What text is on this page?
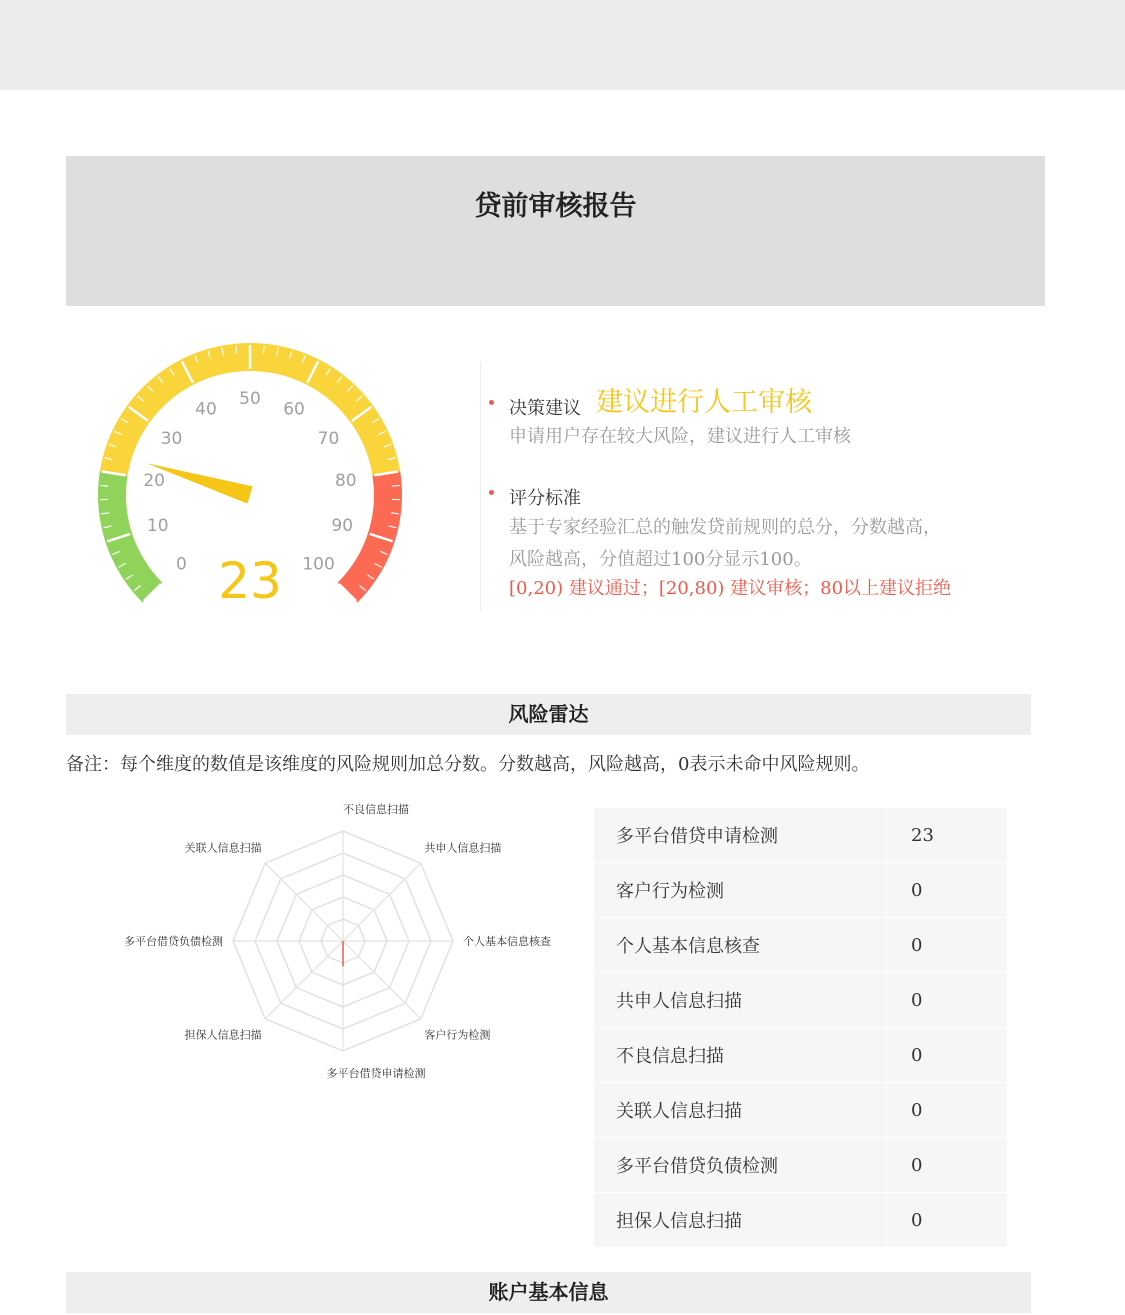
贷前审核报告
0
10
20
30
40
50
60
70
80
90
100
23
决策建议 建议进行人工审核
申请用户存在较大风险，建议进行人工审核
评分标准
基于专家经验汇总的触发贷前规则的总分，分数越高，
风险越高，分值超过100分显示100。
[0,20) 建议通过；[20,80) 建议审核；80以上建议拒绝
风险雷达
备注：每个维度的数值是该维度的风险规则加总分数。分数越高，风险越高，0表示未命中风险规则。
不良信息扫描
共申人信息扫描
个人基本信息核查
客户行为检测
多平台借贷申请检测
担保人信息扫描
多平台借贷负债检测
关联人信息扫描
多平台借贷申请检测	23
客户行为检测	0
个人基本信息核查	0
共申人信息扫描	0
不良信息扫描	0
关联人信息扫描	0
多平台借贷负债检测	0
担保人信息扫描	0
账户基本信息
